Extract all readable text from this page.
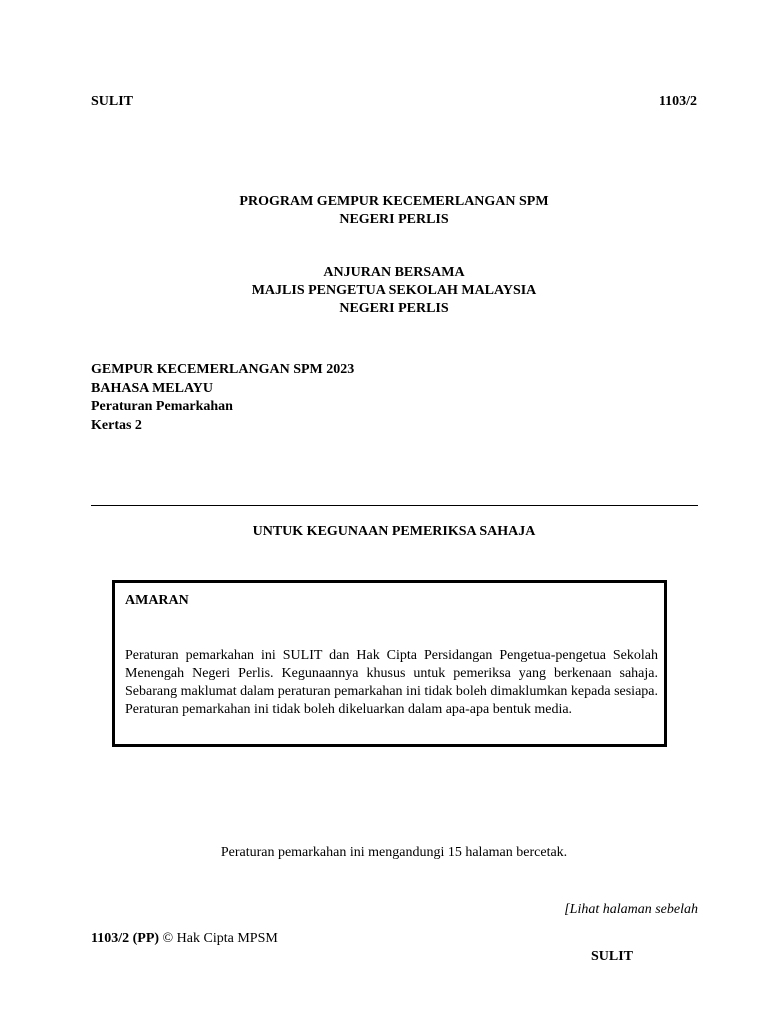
SULIT	1103/2
PROGRAM GEMPUR KECEMERLANGAN SPM
NEGERI PERLIS
ANJURAN BERSAMA
MAJLIS PENGETUA SEKOLAH MALAYSIA
NEGERI PERLIS
GEMPUR KECEMERLANGAN SPM 2023
BAHASA MELAYU
Peraturan Pemarkahan
Kertas 2
UNTUK KEGUNAAN PEMERIKSA SAHAJA
AMARAN
Peraturan pemarkahan ini SULIT dan Hak Cipta Persidangan Pengetua-pengetua Sekolah Menengah Negeri Perlis. Kegunaannya khusus untuk pemeriksa yang berkenaan sahaja. Sebarang maklumat dalam peraturan pemarkahan ini tidak boleh dimaklumkan kepada sesiapa. Peraturan pemarkahan ini tidak boleh dikeluarkan dalam apa-apa bentuk media.
Peraturan pemarkahan ini mengandungi 15 halaman bercetak.
[Lihat halaman sebelah
1103/2 (PP) © Hak Cipta MPSM
SULIT
